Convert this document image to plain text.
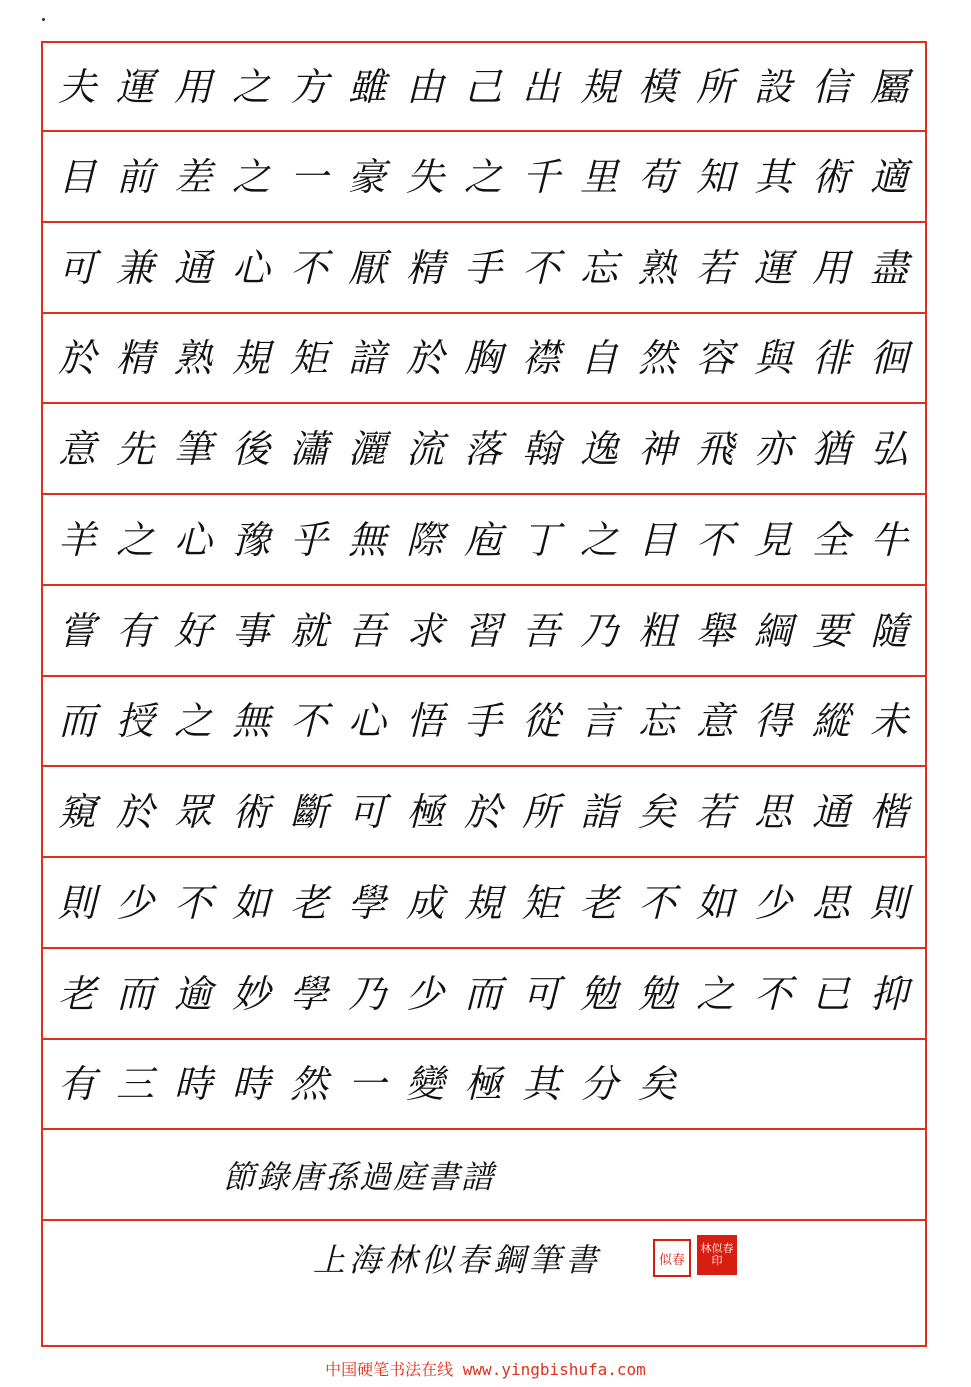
夫 運 用 之 方 雖 由 己 出 規 模 所 設 信 屬
目 前 差 之 一 豪 失 之 千 里 苟 知 其 術 適
可 兼 通 心 不 厭 精 手 不 忘 熟 若 運 用 盡
於 精 熟 規 矩 諳 於 胸 襟 自 然 容 與 徘 徊
意 先 筆 後 瀟 灑 流 落 翰 逸 神 飛 亦 猶 弘
羊 之 心 豫 乎 無 際 庖 丁 之 目 不 見 全 牛
嘗 有 好 事 就 吾 求 習 吾 乃 粗 舉 綱 要 隨
而 授 之 無 不 心 悟 手 從 言 忘 意 得 縱 未
窺 於 眾 術 斷 可 極 於 所 詣 矣 若 思 通 楷
則 少 不 如 老 學 成 規 矩 老 不 如 少 思 則
老 而 逾 妙 學 乃 少 而 可 勉 勉 之 不 已 抑
有 三 時 時 然 一 變 極 其 分 矣
節錄唐孫過庭書譜
上海林似春鋼筆書	似春
林似春印
中国硬笔书法在线 www.yingbishufa.com
